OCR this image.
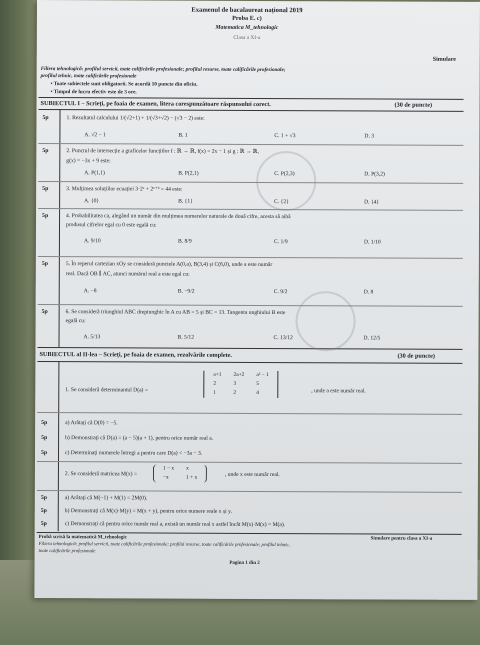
Examenul de bacalaureat național 2019
Proba E. c)
Matematica M_tehnologic
Clasa a XI-a
Simulare
Filiera tehnologică: profilul servicii, toate calificările profesionale; profilul resurse, toate calificările profesionale;
profilul tehnic, toate calificările profesionale
• Toate subiectele sunt obligatorii. Se acordă 10 puncte din oficiu.
• Timpul de lucru efectiv este de 3 ore.
SUBIECTUL I – Scrieți, pe foaia de examen, litera corespunzătoare răspunsului corect.	(30 de puncte)
5p	1. Rezultatul calculului 1/(√2+1) + 1/(√3+√2) − (√3 − 2) este:
A. √2 − 1	B. 1	C. 1 + √3	D. 3
5p	2. Punctul de intersecție a graficelor funcțiilor f : ℝ → ℝ, f(x) = 2x − 1 și g : ℝ → ℝ,
g(x) = −3x + 9 este:
A. P(1,1)	B. P(2,1)	C. P(2,3)	D. P(3,2)
5p	3. Mulțimea soluțiilor ecuației 3·2ˣ + 2ˣ⁺³ = 44 este:
A. {0}	B. {1}	C. {2}	D. {4}
5p	4. Probabilitatea ca, alegând un număr din mulțimea numerelor naturale de două cifre, acesta să aibă
produsul cifrelor egal cu 0 este egală cu:
A. 9/10	B. 8/9	C. 1/9	D. 1/10
5p	5. În reperul cartezian xOy se consideră punctele A(0,a), B(3,4) și C(6,0), unde a este număr
real. Dacă OB ∥ AC, atunci numărul real a este egal cu:
A. −8	B. −9/2	C. 9/2	D. 8
5p	6. Se consideră triunghiul ABC dreptunghic în A cu AB = 5 și BC = 13. Tangenta unghiului B este
egală cu:
A. 5/13	B. 5/12	C. 13/12	D. 12/5
SUBIECTUL al II-lea – Scrieți, pe foaia de examen, rezolvările complete.	(30 de puncte)
1. Se consideră determinantul D(a) =
a+1	2a+2	a² − 1
2	3	5
1	2	4	, unde a este număr real.
5p	a) Arătați că D(0) = −5.
5p	b) Demonstrați că D(a) = (a − 5)(a + 1), pentru orice număr real a.
5p	c) Determinați numerele întregi a pentru care D(a) < −3a − 3.
2. Se consideră matricea M(x) =
1 − x	x
−x	1 + x	, unde x este număr real.
5p	a) Arătați că M(−1) + M(1) = 2M(0).
5p	b) Demonstrați că M(x)·M(y) = M(x + y), pentru orice numere reale x și y.
5p	c) Demonstrați că pentru orice număr real a, există un număr real x astfel încât M(x)·M(x) = M(a).
Probă scrisă la matematică M_tehnologic	Simulare pentru clasa a XI-a
Filiera tehnologică: profilul servicii, toate calificările profesionale; profilul resurse, toate calificările profesionale; profilul tehnic,
toate calificările profesionale
Pagina 1 din 2
